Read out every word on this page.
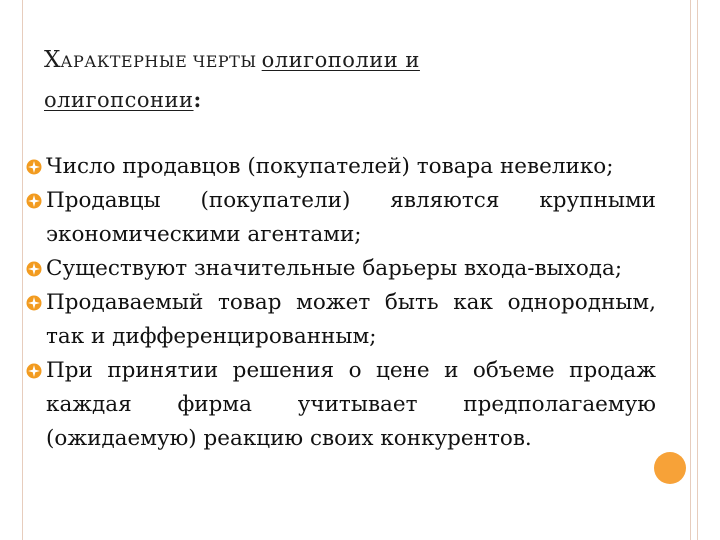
ХАРАКТЕРНЫЕ ЧЕРТЫ олигополии и
олигопсонии:
Число продавцов (покупателей) товара невелико;
Продавцы (покупатели) являются крупными экономическими агентами;
Существуют значительные барьеры входа-выхода;
Продаваемый товар может быть как однородным, так и дифференцированным;
При принятии решения о цене и объеме продаж каждая фирма учитывает предполагаемую (ожидаемую) реакцию своих конкурентов.
